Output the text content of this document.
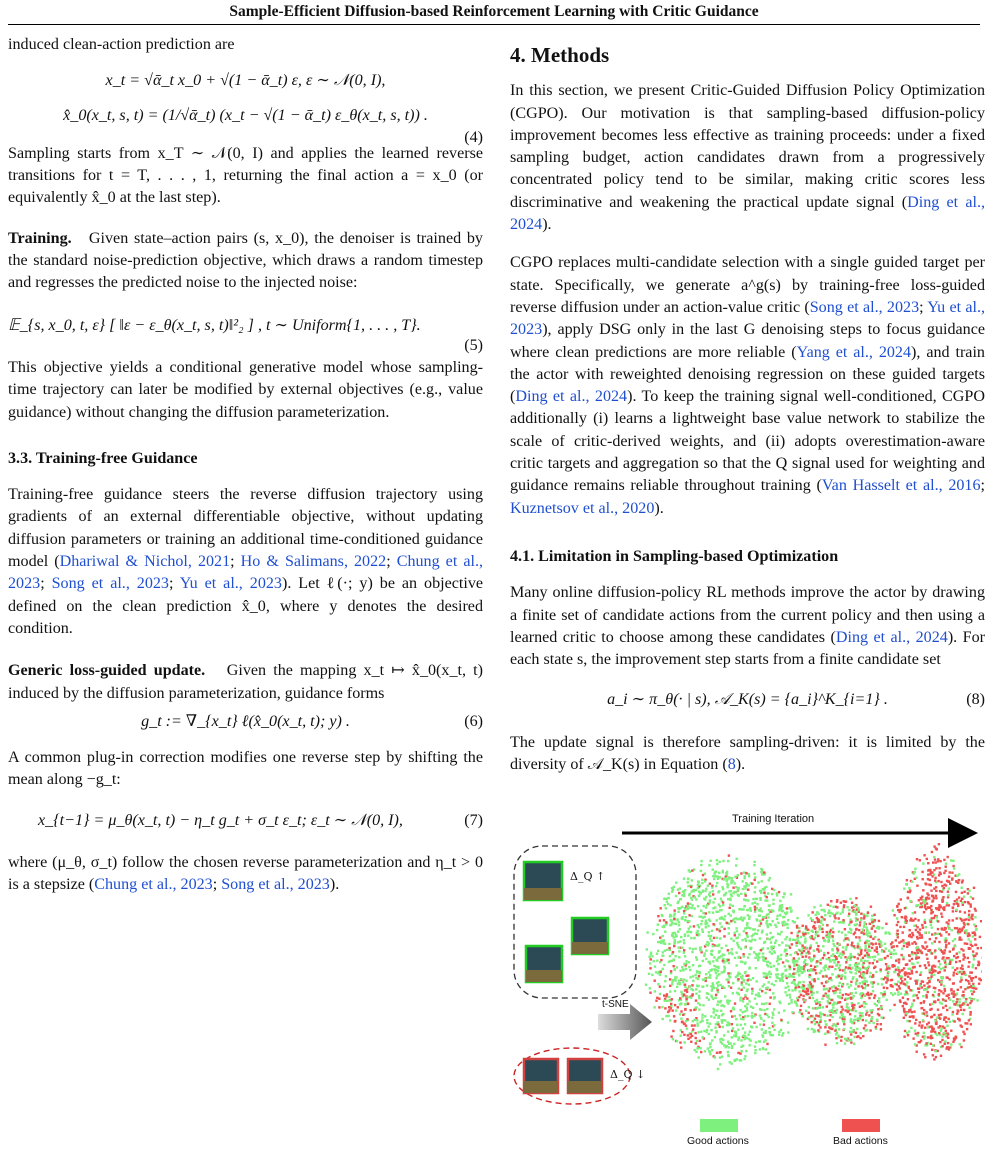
Sample-Efficient Diffusion-based Reinforcement Learning with Critic Guidance

induced clean-action prediction are

x_t = √ᾱ_t x_0 + √(1 − ᾱ_t) ε, ε ∼ 𝒩(0, I),
x̂_0(x_t, s, t) = (1/√ᾱ_t) (x_t − √(1 − ᾱ_t) ε_θ(x_t, s, t)) .
(4)

Sampling starts from x_T ∼ 𝒩(0, I) and applies the learned reverse transitions for t = T, . . . , 1, returning the final action a = x_0 (or equivalently x̂_0 at the last step).

Training. Given state–action pairs (s, x_0), the denoiser is trained by the standard noise-prediction objective, which draws a random timestep and regresses the predicted noise to the injected noise:

𝔼_{s, x_0, t, ε} [ ‖ε − ε_θ(x_t, s, t)‖²₂ ] , t ∼ Uniform{1, . . . , T}.
(5)

This objective yields a conditional generative model whose sampling-time trajectory can later be modified by external objectives (e.g., value guidance) without changing the diffusion parameterization.

3.3. Training-free Guidance

Training-free guidance steers the reverse diffusion trajectory using gradients of an external differentiable objective, without updating diffusion parameters or training an additional time-conditioned guidance model (Dhariwal & Nichol, 2021; Ho & Salimans, 2022; Chung et al., 2023; Song et al., 2023; Yu et al., 2023). Let ℓ(·; y) be an objective defined on the clean prediction x̂_0, where y denotes the desired condition.

Generic loss-guided update. Given the mapping x_t ↦ x̂_0(x_t, t) induced by the diffusion parameterization, guidance forms

g_t := ∇_{x_t} ℓ(x̂_0(x_t, t); y) .	(6)

A common plug-in correction modifies one reverse step by shifting the mean along −g_t:

x_{t−1} = μ_θ(x_t, t) − η_t g_t + σ_t ε_t; ε_t ∼ 𝒩(0, I),	(7)

where (μ_θ, σ_t) follow the chosen reverse parameterization and η_t > 0 is a stepsize (Chung et al., 2023; Song et al., 2023).

4. Methods

In this section, we present Critic-Guided Diffusion Policy Optimization (CGPO). Our motivation is that sampling-based diffusion-policy improvement becomes less effective as training proceeds: under a fixed sampling budget, action candidates drawn from a progressively concentrated policy tend to be similar, making critic scores less discriminative and weakening the practical update signal (Ding et al., 2024).

CGPO replaces multi-candidate selection with a single guided target per state. Specifically, we generate a^g(s) by training-free loss-guided reverse diffusion under an action-value critic (Song et al., 2023; Yu et al., 2023), apply DSG only in the last G denoising steps to focus guidance where clean predictions are more reliable (Yang et al., 2024), and train the actor with reweighted denoising regression on these guided targets (Ding et al., 2024). To keep the training signal well-conditioned, CGPO additionally (i) learns a lightweight base value network to stabilize the scale of critic-derived weights, and (ii) adopts overestimation-aware critic targets and aggregation so that the Q signal used for weighting and guidance remains reliable throughout training (Van Hasselt et al., 2016; Kuznetsov et al., 2020).

4.1. Limitation in Sampling-based Optimization

Many online diffusion-policy RL methods improve the actor by drawing a finite set of candidate actions from the current policy and then using a learned critic to choose among these candidates (Ding et al., 2024). For each state s, the improvement step starts from a finite candidate set

a_i ∼ π_θ(· | s), 𝒜_K(s) = {a_i}^K_{i=1} .	(8)

The update signal is therefore sampling-driven: it is limited by the diversity of 𝒜_K(s) in Equation (8).

Training Iteration
Δ_Q ↑
Δ_Q ↓
t-SNE
Good actions	Bad actions
